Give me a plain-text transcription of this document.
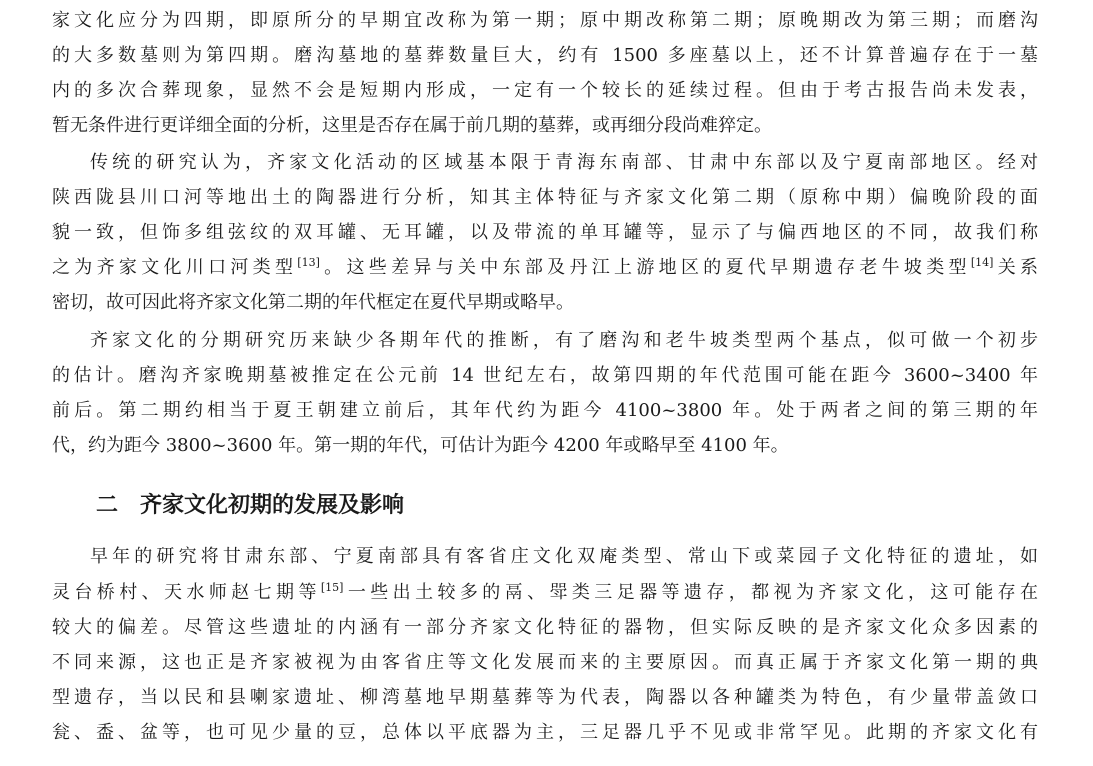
家文化应分为四期，即原所分的早期宜改称为第一期；原中期改称第二期；原晚期改为第三期；而磨沟
的大多数墓则为第四期。磨沟墓地的墓葬数量巨大，约有 1500 多座墓以上，还不计算普遍存在于一墓
内的多次合葬现象，显然不会是短期内形成，一定有一个较长的延续过程。但由于考古报告尚未发表，
暂无条件进行更详细全面的分析，这里是否存在属于前几期的墓葬，或再细分段尚难猝定。
传统的研究认为，齐家文化活动的区域基本限于青海东南部、甘肃中东部以及宁夏南部地区。经对
陕西陇县川口河等地出土的陶器进行分析，知其主体特征与齐家文化第二期（原称中期）偏晚阶段的面
貌一致，但饰多组弦纹的双耳罐、无耳罐，以及带流的单耳罐等，显示了与偏西地区的不同，故我们称
之为齐家文化川口河类型[13]。这些差异与关中东部及丹江上游地区的夏代早期遗存老牛坡类型[14]关系
密切，故可因此将齐家文化第二期的年代框定在夏代早期或略早。
齐家文化的分期研究历来缺少各期年代的推断，有了磨沟和老牛坡类型两个基点，似可做一个初步
的估计。磨沟齐家晚期墓被推定在公元前 14 世纪左右，故第四期的年代范围可能在距今 3600~3400 年
前后。第二期约相当于夏王朝建立前后，其年代约为距今 4100~3800 年。处于两者之间的第三期的年
代，约为距今 3800~3600 年。第一期的年代，可估计为距今 4200 年或略早至 4100 年。
二 齐家文化初期的发展及影响
早年的研究将甘肃东部、宁夏南部具有客省庄文化双庵类型、常山下或菜园子文化特征的遗址，如
灵台桥村、天水师赵七期等[15]一些出土较多的鬲、斝类三足器等遗存，都视为齐家文化，这可能存在
较大的偏差。尽管这些遗址的内涵有一部分齐家文化特征的器物，但实际反映的是齐家文化众多因素的
不同来源，这也正是齐家被视为由客省庄等文化发展而来的主要原因。而真正属于齐家文化第一期的典
型遗存，当以民和县喇家遗址、柳湾墓地早期墓葬等为代表，陶器以各种罐类为特色，有少量带盖敛口
瓮、盉、盆等，也可见少量的豆，总体以平底器为主，三足器几乎不见或非常罕见。此期的齐家文化有
